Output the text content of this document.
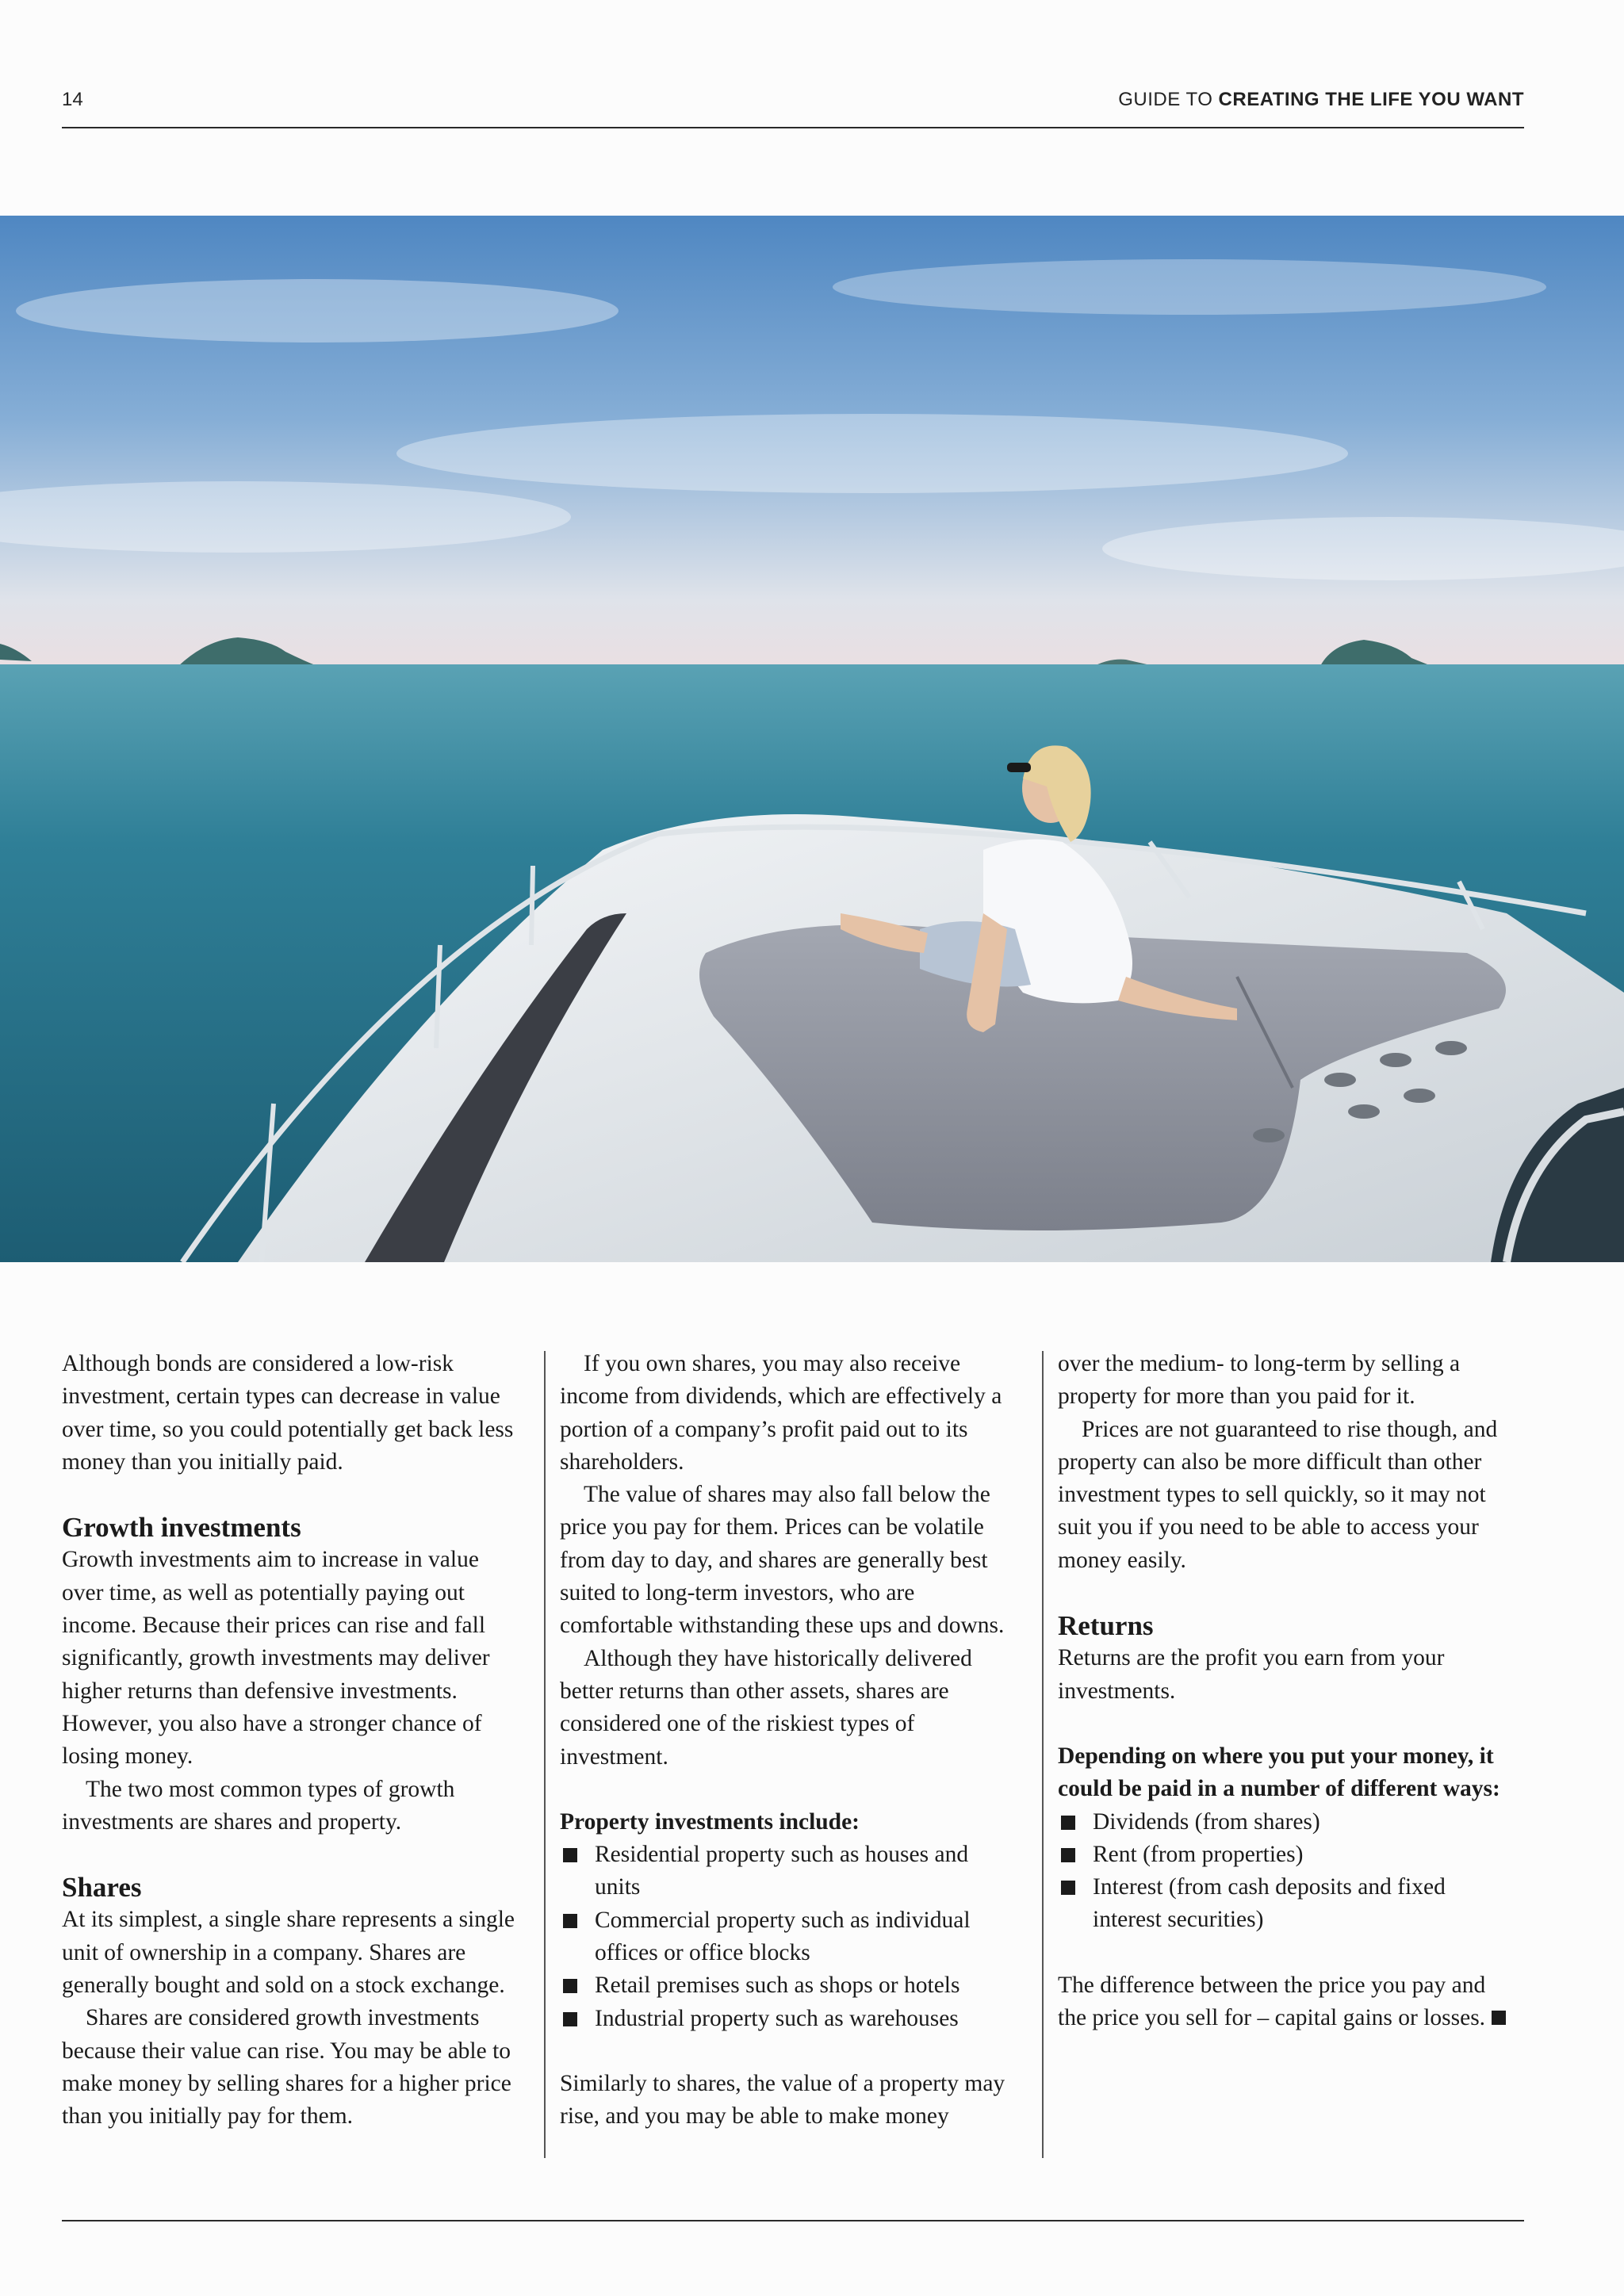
14	GUIDE TO CREATING THE LIFE YOU WANT

Although bonds are considered a low-risk investment, certain types can decrease in value over time, so you could potentially get back less money than you initially paid.

Growth investments

Growth investments aim to increase in value over time, as well as potentially paying out income. Because their prices can rise and fall significantly, growth investments may deliver higher returns than defensive investments. However, you also have a stronger chance of losing money.

The two most common types of growth investments are shares and property.

Shares

At its simplest, a single share represents a single unit of ownership in a company. Shares are generally bought and sold on a stock exchange.

Shares are considered growth investments because their value can rise. You may be able to make money by selling shares for a higher price than you initially pay for them.

If you own shares, you may also receive income from dividends, which are effectively a portion of a company’s profit paid out to its shareholders.

The value of shares may also fall below the price you pay for them. Prices can be volatile from day to day, and shares are generally best suited to long-term investors, who are comfortable withstanding these ups and downs.

Although they have historically delivered better returns than other assets, shares are considered one of the riskiest types of investment.

Property investments include:

Residential property such as houses and units
Commercial property such as individual offices or office blocks
Retail premises such as shops or hotels
Industrial property such as warehouses

Similarly to shares, the value of a property may rise, and you may be able to make money

over the medium- to long-term by selling a property for more than you paid for it.

Prices are not guaranteed to rise though, and property can also be more difficult than other investment types to sell quickly, so it may not suit you if you need to be able to access your money easily.

Returns

Returns are the profit you earn from your investments.

Depending on where you put your money, it could be paid in a number of different ways:

Dividends (from shares)
Rent (from properties)
Interest (from cash deposits and fixed interest securities)

The difference between the price you pay and the price you sell for – capital gains or losses.
